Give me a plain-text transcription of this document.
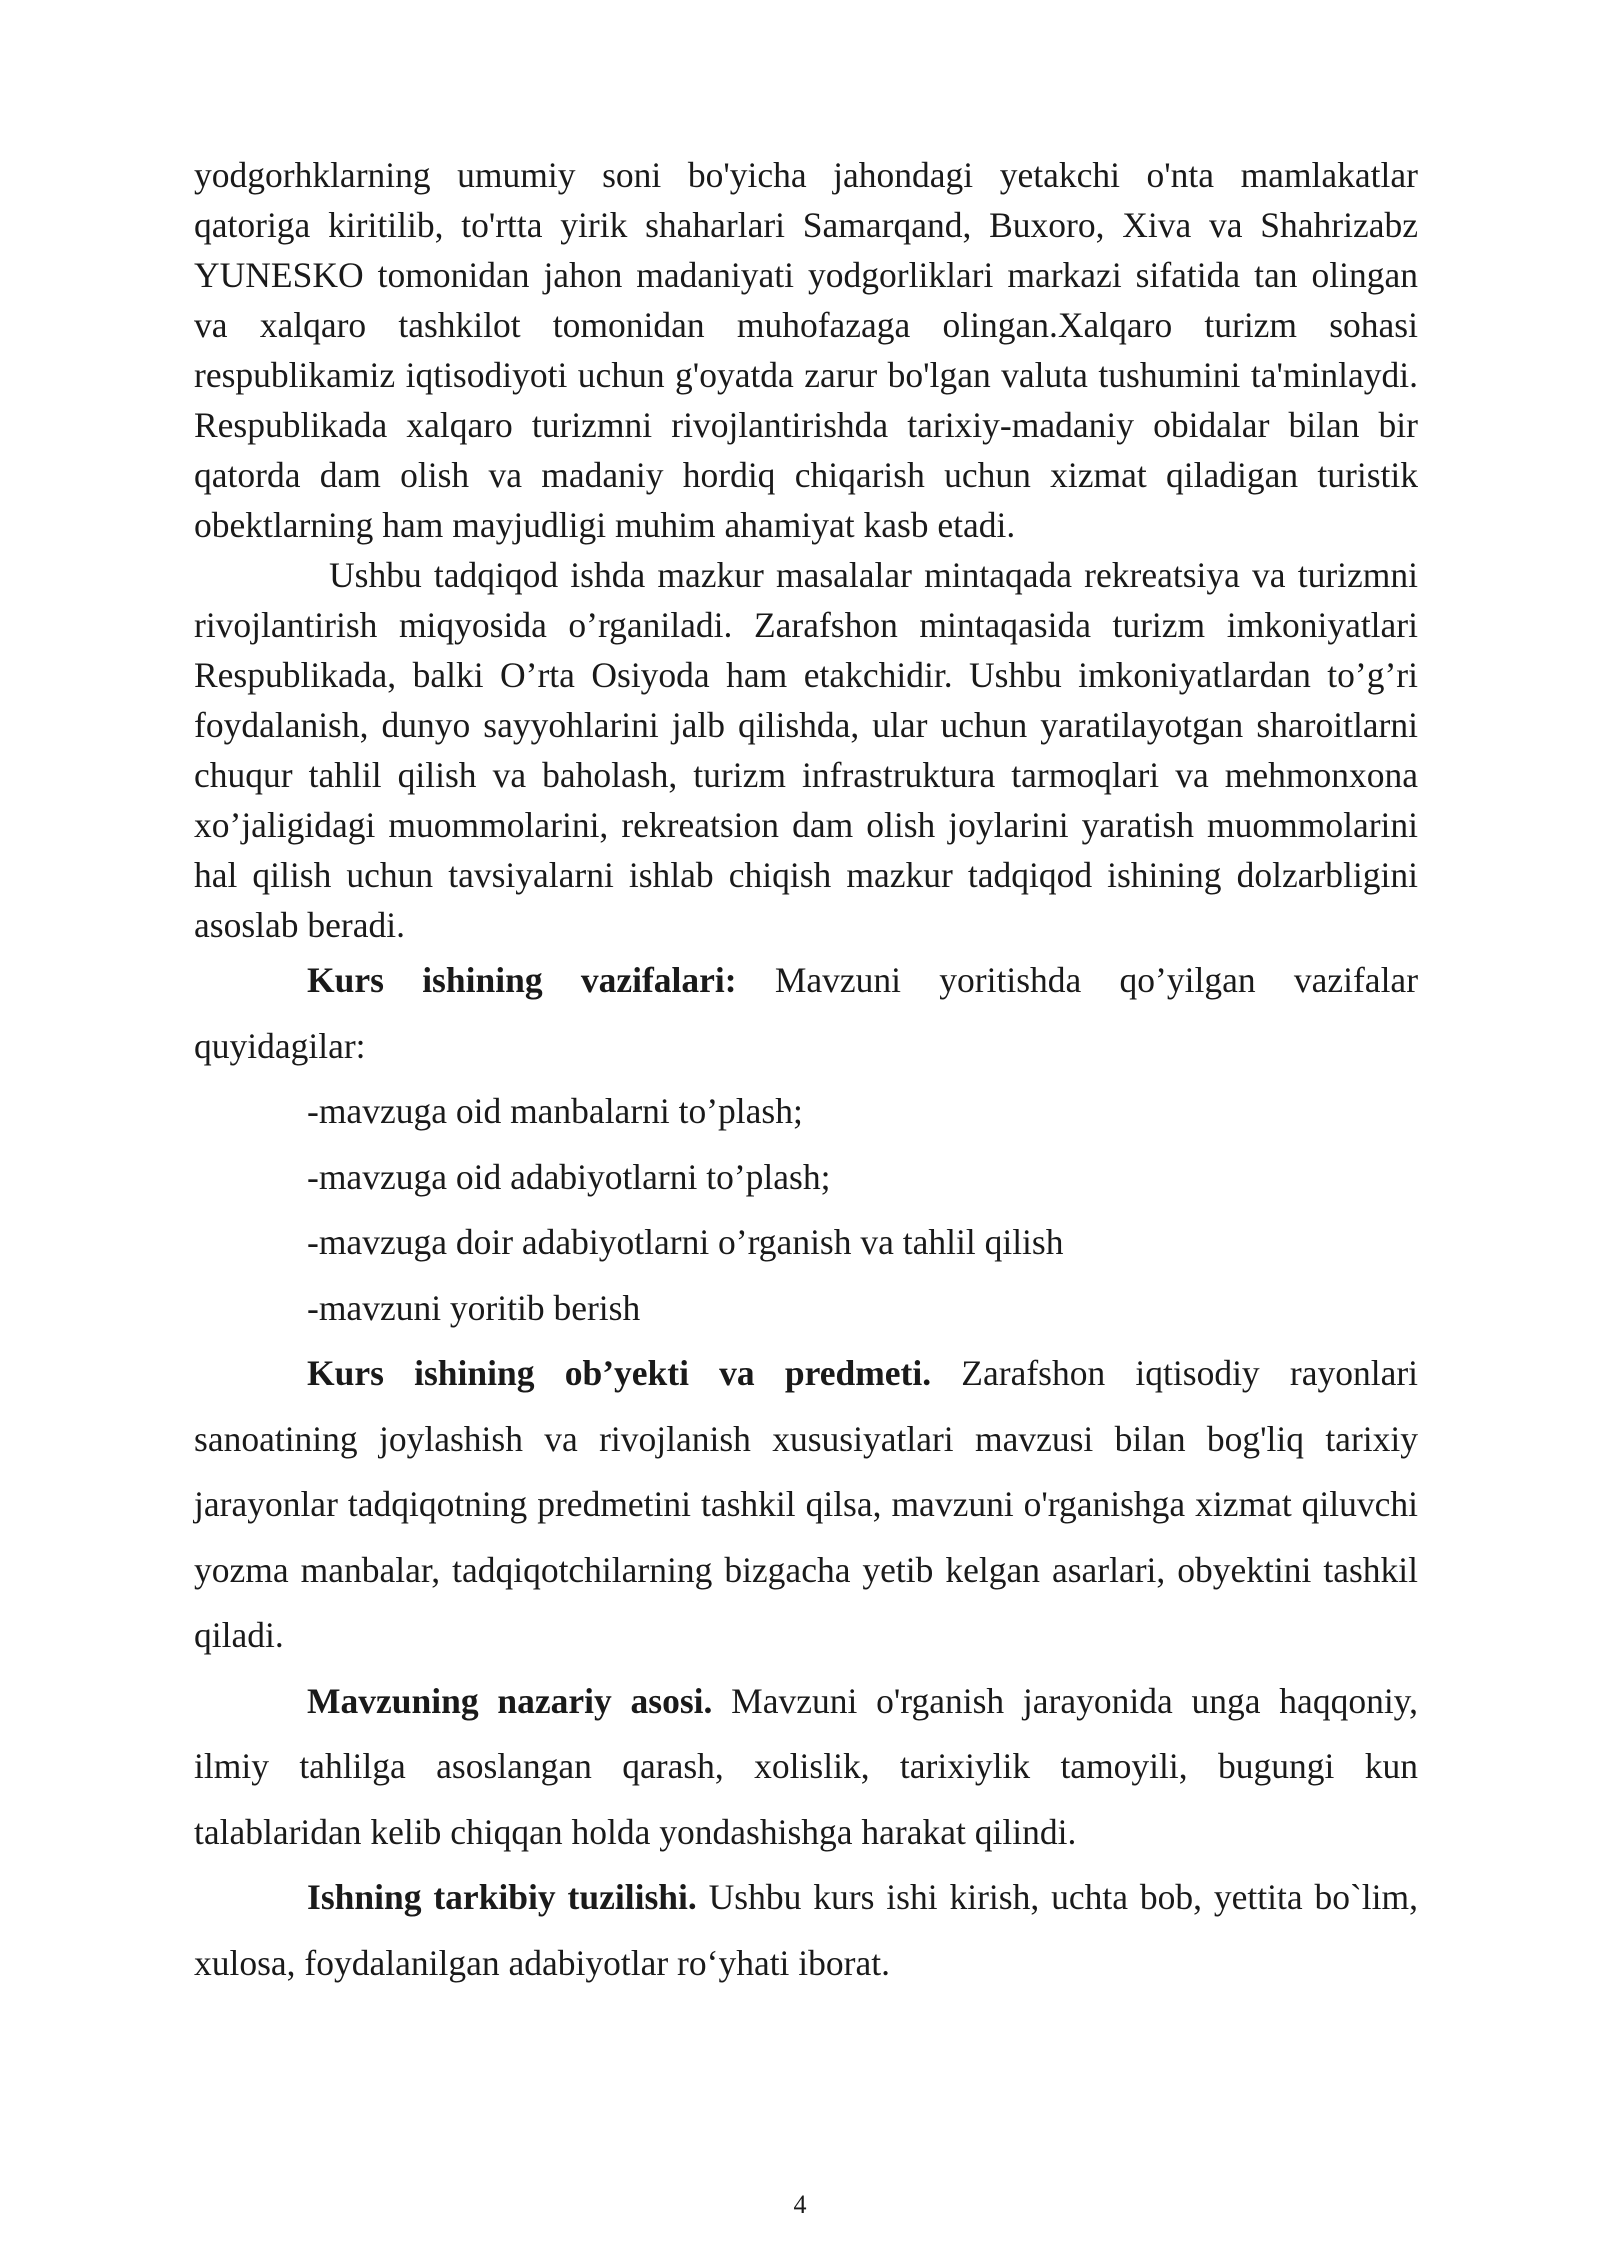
yodgorhklarning umumiy soni bo'yicha jahondagi yetakchi o'nta mamlakatlar qatoriga kiritilib, to'rtta yirik shaharlari Samarqand, Buxoro, Xiva va Shahrizabz YUNESKO tomonidan jahon madaniyati yodgorliklari markazi sifatida tan olingan va xalqaro tashkilot tomonidan muhofazaga olingan.Xalqaro turizm sohasi respublikamiz iqtisodiyoti uchun g'oyatda zarur bo'lgan valuta tushumini ta'minlaydi. Respublikada xalqaro turizmni rivojlantirishda tarixiy-madaniy obidalar bilan bir qatorda dam olish va madaniy hordiq chiqarish uchun xizmat qiladigan turistik obektlarning ham mayjudligi muhim ahamiyat kasb etadi.

Ushbu tadqiqod ishda mazkur masalalar mintaqada rekreatsiya va turizmni rivojlantirish miqyosida o’rganiladi. Zarafshon mintaqasida turizm imkoniyatlari Respublikada, balki O’rta Osiyoda ham etakchidir. Ushbu imkoniyatlardan to’g’ri foydalanish, dunyo sayyohlarini jalb qilishda, ular uchun yaratilayotgan sharoitlarni chuqur tahlil qilish va baholash, turizm infrastruktura tarmoqlari va mehmonxona xo’jaligidagi muommolarini, rekreatsion dam olish joylarini yaratish muommolarini hal qilish uchun tavsiyalarni ishlab chiqish mazkur tadqiqod ishining dolzarbligini asoslab beradi.

Kurs ishining vazifalari: Mavzuni yoritishda qo’yilgan vazifalar quyidagilar:

-mavzuga oid manbalarni to’plash;

-mavzuga oid adabiyotlarni to’plash;

-mavzuga doir adabiyotlarni o’rganish va tahlil qilish

-mavzuni yoritib berish

Kurs ishining ob’yekti va predmeti. Zarafshon iqtisodiy rayonlari sanoatining joylashish va rivojlanish xususiyatlari mavzusi bilan bog'liq tarixiy jarayonlar tadqiqotning predmetini tashkil qilsa, mavzuni o'rganishga xizmat qiluvchi yozma manbalar, tadqiqotchilarning bizgacha yetib kelgan asarlari, obyektini tashkil qiladi.

Mavzuning nazariy asosi. Mavzuni o'rganish jarayonida unga haqqoniy, ilmiy tahlilga asoslangan qarash, xolislik, tarixiylik tamoyili, bugungi kun talablaridan kelib chiqqan holda yondashishga harakat qilindi.

Ishning tarkibiy tuzilishi. Ushbu kurs ishi kirish, uchta bob, yettita bo`lim, xulosa, foydalanilgan adabiyotlar ro‘yhati iborat.

4
